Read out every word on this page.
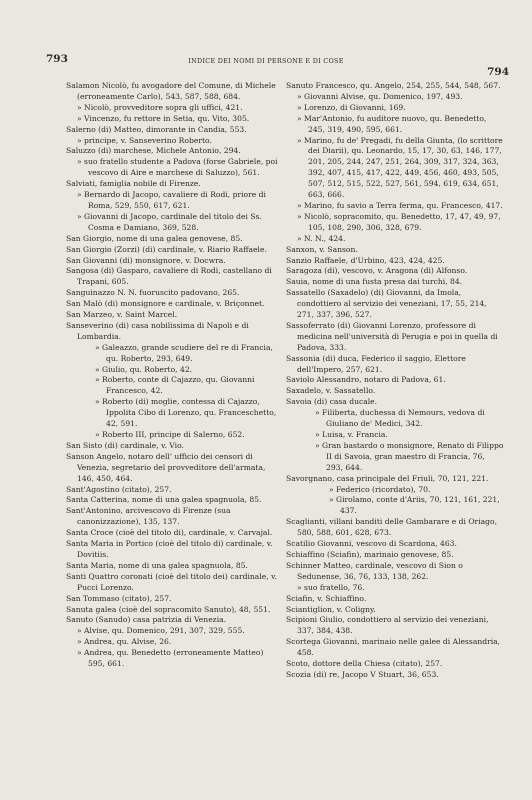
793	INDICE DEI NOMI DI PERSONE E DI COSE
794
Salamon Nicolò, fu avogadore del Comune, di Michele (erroneamente Carlo), 543, 587, 588, 684.
» Nicolò, provveditore sopra gli uffici, 421.
» Vincenzo, fu rettore in Setia, qu. Vito, 305.
Salerno (di) Matteo, dimorante in Candia, 553.
» principe, v. Sanseverino Roberto.
Saluzzo (di) marchese, Michele Antonio, 294.
» suo fratello studente a Padova (forse Gabriele, poi vescovo di Aire e marchese di Saluzzo), 561.
Salviati, famiglia nobile di Firenze.
» Bernardo di Jacopo, cavaliere di Rodi, priore di Roma, 529, 550, 617, 621.
» Giovanni di Jacopo, cardinale del titolo dei Ss. Cosma e Damiano, 369, 528.
San Giorgio, nome di una galea genovese, 85.
San Giorgio (Zorzi) (di) cardinale, v. Riario Raffaele.
San Giovanni (di) monsignore, v. Docwra.
Sangosa (di) Gasparo, cavaliere di Rodi, castellano di Trapani, 605.
Sanguinazzo N. N. fuoruscito padovano, 265.
San Malò (di) monsignore e cardinale, v. Briçonnet.
San Marzeo, v. Saint Marcel.
Sanseverino (di) casa nobilissima di Napoli e di Lombardia.
» Galeazzo, grande scudiere del re di Francia, qu. Roberto, 293, 649.
» Giulio, qu. Roberto, 42.
» Roberto, conte di Cajazzo, qu. Giovanni Francesco, 42.
» Roberto (di) moglie, contessa di Cajazzo, Ippolita Cibo di Lorenzo, qu. Franceschetto, 42, 591.
» Roberto III, principe di Salerno, 652.
San Sisto (di) cardinale, v. Vio.
Sanson Angelo, notaro dell' ufficio dei censori di Venezia, segretario del provveditore dell'armata, 146, 450, 464.
Sant'Agostino (citato), 257.
Santa Catterina, nome di una galea spagnuola, 85.
Sant'Antonino, arcivescovo di Firenze (sua canonizzazione), 135, 137.
Santa Croce (cioè del titolo di), cardinale, v. Carvajal.
Santa Maria in Portico (cioè del titolo di) cardinale, v. Dovitiis.
Santa Maria, nome di una galea spagnuola, 85.
Santi Quattro coronati (cioè del titolo dei) cardinale, v. Pucci Lorenzo.
San Tommaso (citato), 257.
Sanuta galea (cioè del sopracomito Sanuto), 48, 551.
Sanuto (Sanudo) casa patrizia di Venezia.
» Alvise, qu. Domenico, 291, 307, 329, 555.
» Andrea, qu. Alvise, 26.
» Andrea, qu. Benedetto (erroneamente Matteo) 595, 661.
Sanuto Francesco, qu. Angelo, 254, 255, 544, 548, 567.
» Giovanni Alvise, qu. Domenico, 197, 493.
» Lorenzo, di Giovanni, 169.
» Mar'Antonio, fu auditore nuovo, qu. Benedetto, 245, 319, 490, 595, 661.
» Marino, fu de' Pregadi, fu della Giunta, (lo scrittore dei Diarii), qu. Leonardo, 15, 17, 30, 63, 146, 177, 201, 205, 244, 247, 251, 264, 309, 317, 324, 363, 392, 407, 415, 417, 422, 449, 456, 460, 493, 505, 507, 512, 515, 522, 527, 561, 594, 619, 634, 651, 663, 666.
» Marino, fu savio a Terra ferma, qu. Francesco, 417.
» Nicolò, sopracomito, qu. Benedetto, 17, 47, 49, 97, 105, 108, 290, 306, 328, 679.
» N. N., 424.
Sanxon, v. Sanson.
Sanzio Raffaele, d'Urbino, 423, 424, 425.
Saragoza (di), vescovo, v. Aragona (di) Alfonso.
Sauia, nome di una fusta presa dai turchi, 84.
Sassatello (Saxadelo) (di) Giovanni, da Imola, condottiero al servizio dei veneziani, 17, 55, 214, 271, 337, 396, 527.
Sassoferrato (di) Giovanni Lorenzo, professore di medicina nell'università di Perugia e poi in quella di Padova, 333.
Sassonia (di) duca, Federico il saggio, Elettore dell'Impero, 257, 621.
Saviolo Alessandro, notaro di Padova, 61.
Saxadelo, v. Sassatello.
Savoia (di) casa ducale.
» Filiberta, duchessa di Nemours, vedova di Giuliano de' Medici, 342.
» Luisa, v. Francia.
» Gran bastardo o monsignore, Renato di Filippo II di Savoia, gran maestro di Francia, 76, 293, 644.
Savorgnano, casa principale del Friuli, 70, 121, 221.
» Federico (ricordato), 70.
» Girolamo, conte d'Ariis, 70, 121, 161, 221, 437.
Scaglianti, villani banditi delle Gambarare e di Oriago, 580, 588, 601, 628, 673.
Scatilio Giovanni, vescovo di Scardona, 463.
Schiaffino (Sciafin), marinaio genovese, 85.
Schinner Matteo, cardinale, vescovo di Sion o Sedunense, 36, 76, 133, 138, 262.
» suo fratello, 76.
Sciafin, v. Schiaffino.
Sciantiglion, v. Coligny.
Scipioni Giulio, condottiero al servizio dei veneziani, 337, 384, 438.
Scortega Giovanni, marinaio nelle galee di Alessandria, 458.
Scoto, dottore della Chiesa (citato), 257.
Scozia (di) re, Jacopo V Stuart, 36, 653.
